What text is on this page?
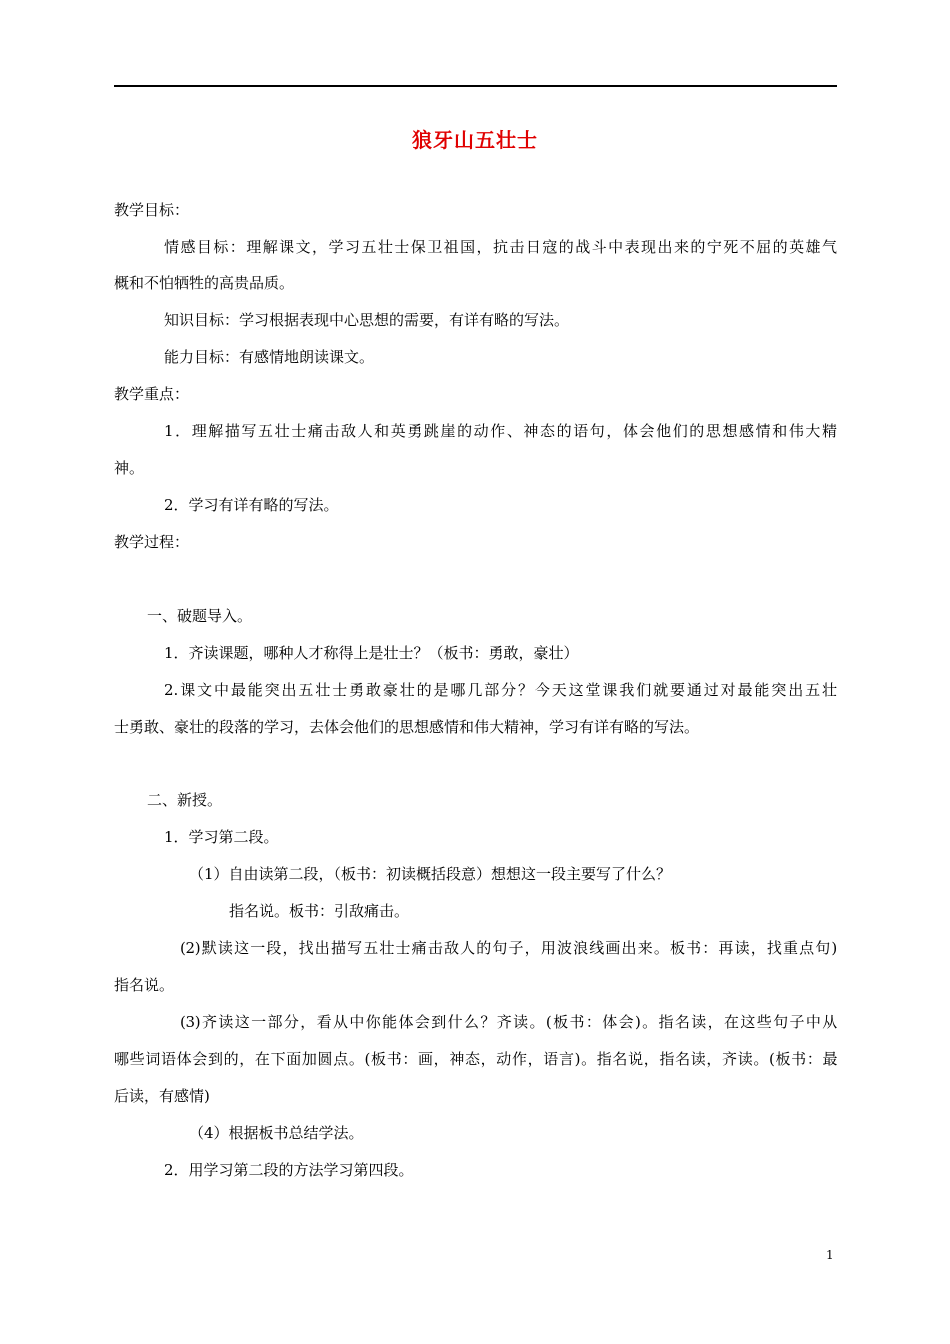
狼牙山五壮士
教学目标：
情感目标：理解课文，学习五壮士保卫祖国，抗击日寇的战斗中表现出来的宁死不屈的英雄气
概和不怕牺牲的高贵品质。
知识目标：学习根据表现中心思想的需要，有详有略的写法。
能力目标：有感情地朗读课文。
教学重点：
1．理解描写五壮士痛击敌人和英勇跳崖的动作、神态的语句，体会他们的思想感情和伟大精
神。
2．学习有详有略的写法。
教学过程：
一、破题导入。
1．齐读课题，哪种人才称得上是壮士？（板书：勇敢，豪壮）
2.课文中最能突出五壮士勇敢豪壮的是哪几部分？今天这堂课我们就要通过对最能突出五壮
士勇敢、豪壮的段落的学习，去体会他们的思想感情和伟大精神，学习有详有略的写法。
二、新授。
1．学习第二段。
（1）自由读第二段，（板书：初读概括段意）想想这一段主要写了什么？
指名说。板书：引敌痛击。
(2)默读这一段，找出描写五壮士痛击敌人的句子，用波浪线画出来。板书：再读，找重点句)
指名说。
(3)齐读这一部分，看从中你能体会到什么？齐读。(板书：体会)。指名读，在这些句子中从
哪些词语体会到的，在下面加圆点。(板书：画，神态，动作，语言)。指名说，指名读，齐读。(板书：最
后读，有感情)
（4）根据板书总结学法。
2．用学习第二段的方法学习第四段。
1
